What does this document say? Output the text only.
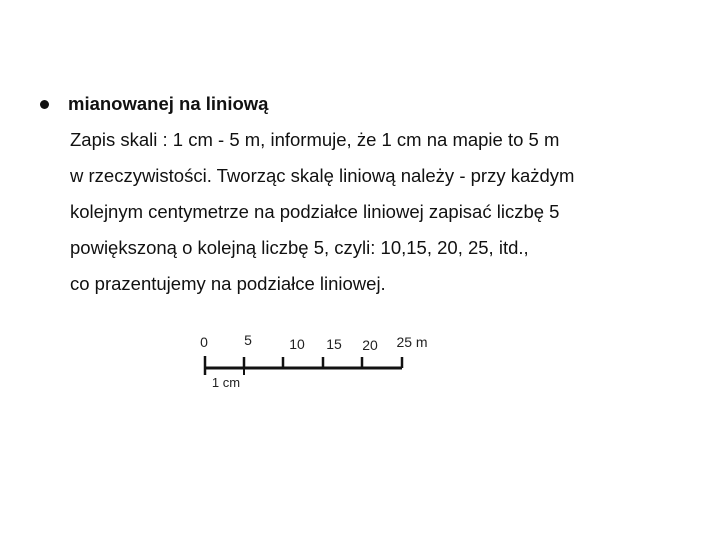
mianowanej na liniową
Zapis skali : 1 cm - 5 m, informuje, że 1 cm na mapie to 5 m
w rzeczywistości. Tworząc skalę liniową należy - przy każdym
kolejnym centymetrze na podziałce liniowej zapisać liczbę 5
powiększoną o kolejną liczbę 5, czyli: 10,15, 20, 25, itd.,
co prazentujemy na podziałce liniowej.
0	5	10 15 20 25 m
1 cm
